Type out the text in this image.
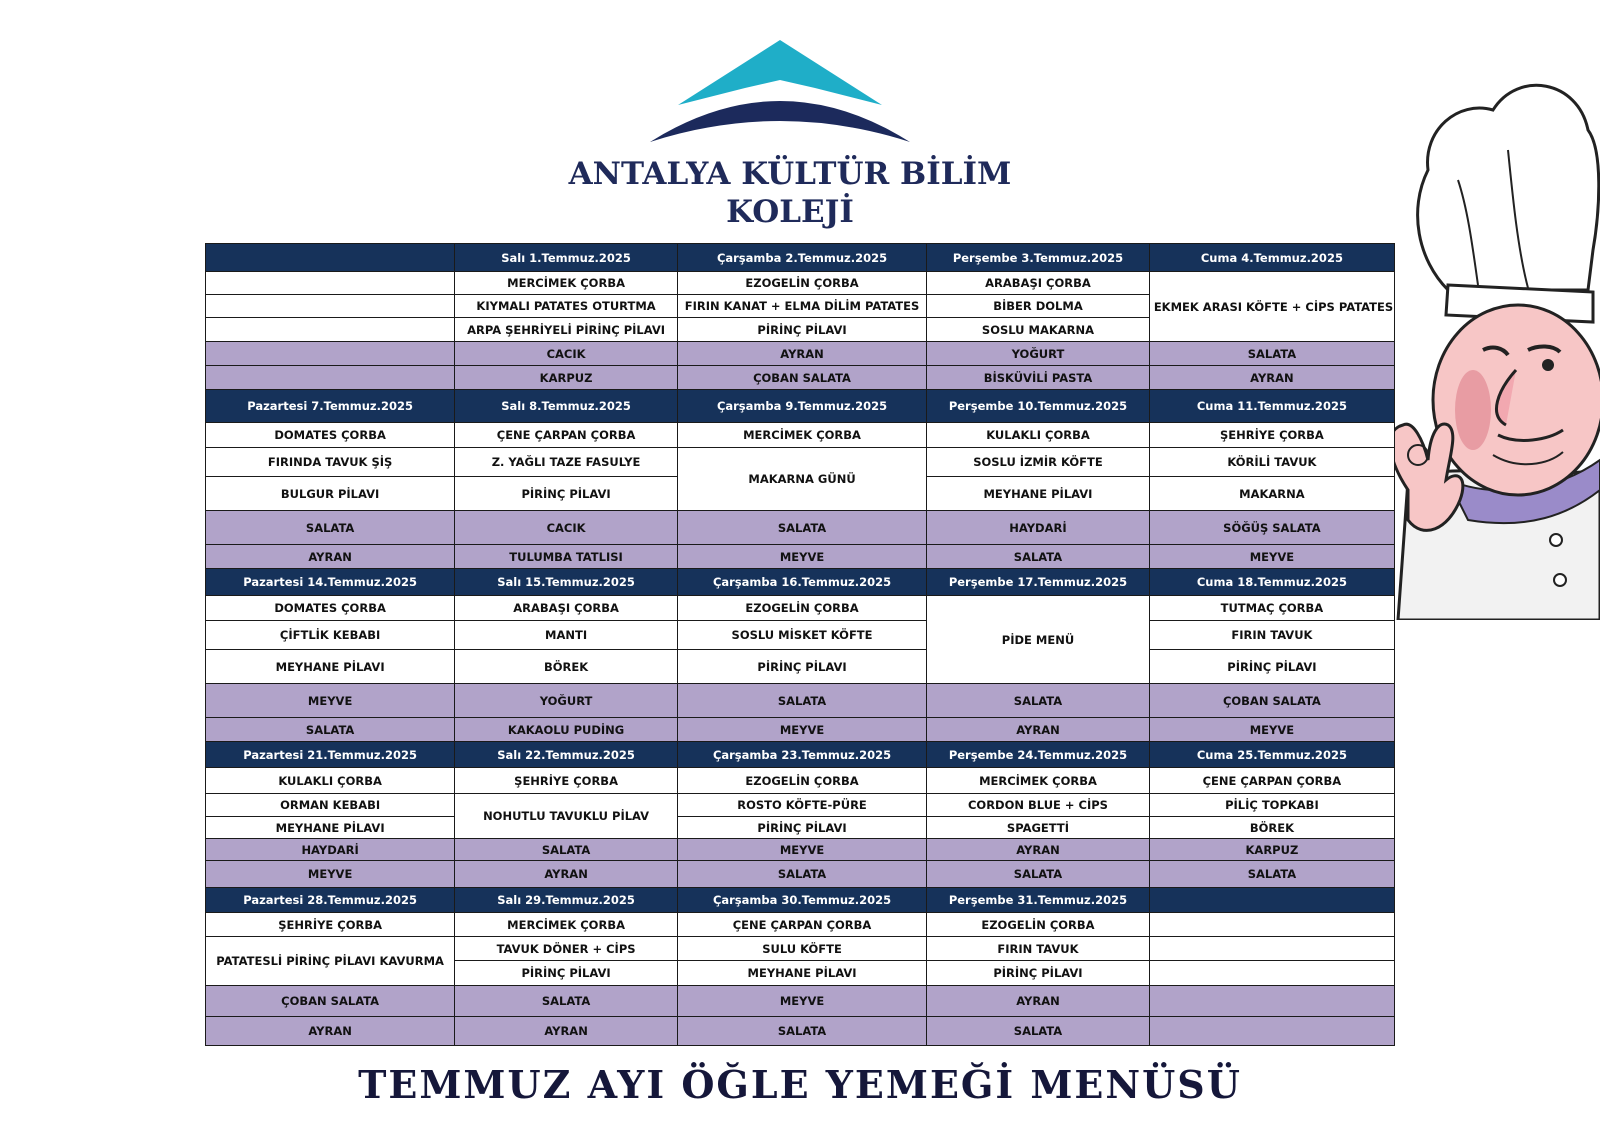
ANTALYA KÜLTÜR BİLİM
KOLEJİ
	Salı 1.Temmuz.2025	Çarşamba 2.Temmuz.2025	Perşembe 3.Temmuz.2025	Cuma 4.Temmuz.2025
	MERCİMEK ÇORBA	EZOGELİN ÇORBA	ARABAŞI ÇORBA	EKMEK ARASI KÖFTE + CİPS PATATES
	KIYMALI PATATES OTURTMA	FIRIN KANAT + ELMA DİLİM PATATES	BİBER DOLMA	
	ARPA ŞEHRİYELİ PİRİNÇ PİLAVI	PİRİNÇ PİLAVI	SOSLU MAKARNA	
	CACIK	AYRAN	YOĞURT	SALATA
	KARPUZ	ÇOBAN SALATA	BİSKÜVİLİ PASTA	AYRAN
Pazartesi 7.Temmuz.2025	Salı 8.Temmuz.2025	Çarşamba 9.Temmuz.2025	Perşembe 10.Temmuz.2025	Cuma 11.Temmuz.2025
DOMATES ÇORBA	ÇENE ÇARPAN ÇORBA	MERCİMEK ÇORBA	KULAKLI ÇORBA	ŞEHRİYE ÇORBA
FIRINDA TAVUK ŞİŞ	Z. YAĞLI TAZE FASULYE	MAKARNA GÜNÜ	SOSLU İZMİR KÖFTE	KÖRİLİ TAVUK
BULGUR PİLAVI	PİRİNÇ PİLAVI		MEYHANE PİLAVI	MAKARNA
SALATA	CACIK	SALATA	HAYDARİ	SÖĞÜŞ SALATA
AYRAN	TULUMBA TATLISI	MEYVE	SALATA	MEYVE
Pazartesi 14.Temmuz.2025	Salı 15.Temmuz.2025	Çarşamba 16.Temmuz.2025	Perşembe 17.Temmuz.2025	Cuma 18.Temmuz.2025
DOMATES ÇORBA	ARABAŞI ÇORBA	EZOGELİN ÇORBA	PİDE MENÜ	TUTMAÇ ÇORBA
ÇİFTLİK KEBABI	MANTI	SOSLU MİSKET KÖFTE		FIRIN TAVUK
MEYHANE PİLAVI	BÖREK	PİRİNÇ PİLAVI		PİRİNÇ PİLAVI
MEYVE	YOĞURT	SALATA	SALATA	ÇOBAN SALATA
SALATA	KAKAOLU PUDİNG	MEYVE	AYRAN	MEYVE
Pazartesi 21.Temmuz.2025	Salı 22.Temmuz.2025	Çarşamba 23.Temmuz.2025	Perşembe 24.Temmuz.2025	Cuma 25.Temmuz.2025
KULAKLI ÇORBA	ŞEHRİYE ÇORBA	EZOGELİN ÇORBA	MERCİMEK ÇORBA	ÇENE ÇARPAN ÇORBA
ORMAN KEBABI	NOHUTLU TAVUKLU PİLAV	ROSTO KÖFTE-PÜRE	CORDON BLUE + CİPS	PİLİÇ TOPKABI
MEYHANE PİLAVI		PİRİNÇ PİLAVI	SPAGETTİ	BÖREK
HAYDARİ	SALATA	MEYVE	AYRAN	KARPUZ
MEYVE	AYRAN	SALATA	SALATA	SALATA
Pazartesi 28.Temmuz.2025	Salı 29.Temmuz.2025	Çarşamba 30.Temmuz.2025	Perşembe 31.Temmuz.2025	
ŞEHRİYE ÇORBA	MERCİMEK ÇORBA	ÇENE ÇARPAN ÇORBA	EZOGELİN ÇORBA	
PATATESLİ PİRİNÇ PİLAVI KAVURMA	TAVUK DÖNER + CİPS	SULU KÖFTE	FIRIN TAVUK	
	PİRİNÇ PİLAVI	MEYHANE PİLAVI	PİRİNÇ PİLAVI	
ÇOBAN SALATA	SALATA	MEYVE	AYRAN	
AYRAN	AYRAN	SALATA	SALATA	
TEMMUZ AYI ÖĞLE YEMEĞİ MENÜSÜ
